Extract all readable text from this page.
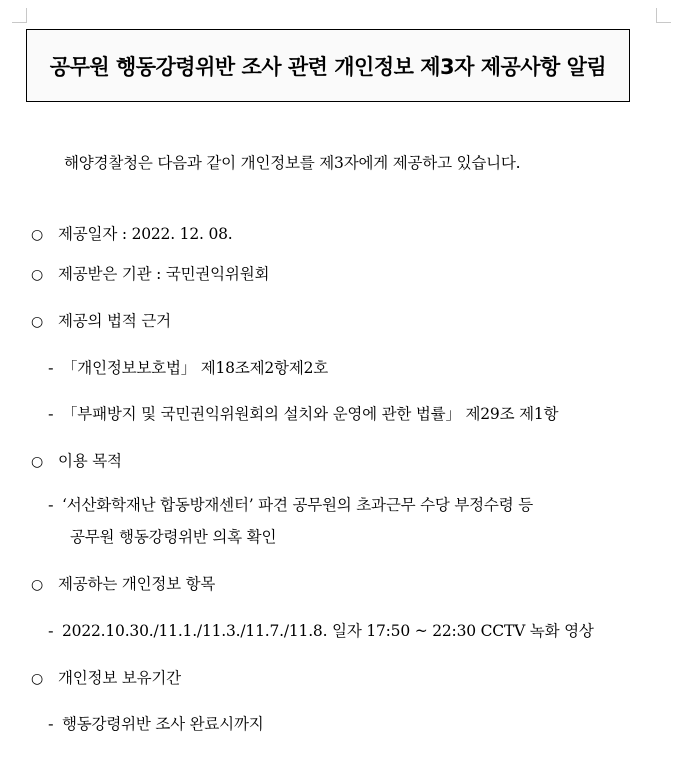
공무원 행동강령위반 조사 관련 개인정보 제3자 제공사항 알림
해양경찰청은 다음과 같이 개인정보를 제3자에게 제공하고 있습니다.
○ 제공일자 : 2022. 12. 08.
○ 제공받은 기관 : 국민권익위원회
○ 제공의 법적 근거
- 「개인정보보호법」 제18조제2항제2호
- 「부패방지 및 국민권익위원회의 설치와 운영에 관한 법률」 제29조 제1항
○ 이용 목적
- ‘서산화학재난 합동방재센터’ 파견 공무원의 초과근무 수당 부정수령 등
공무원 행동강령위반 의혹 확인
○ 제공하는 개인정보 항목
- 2022.10.30./11.1./11.3./11.7./11.8. 일자 17:50 ~ 22:30 CCTV 녹화 영상
○ 개인정보 보유기간
- 행동강령위반 조사 완료시까지
